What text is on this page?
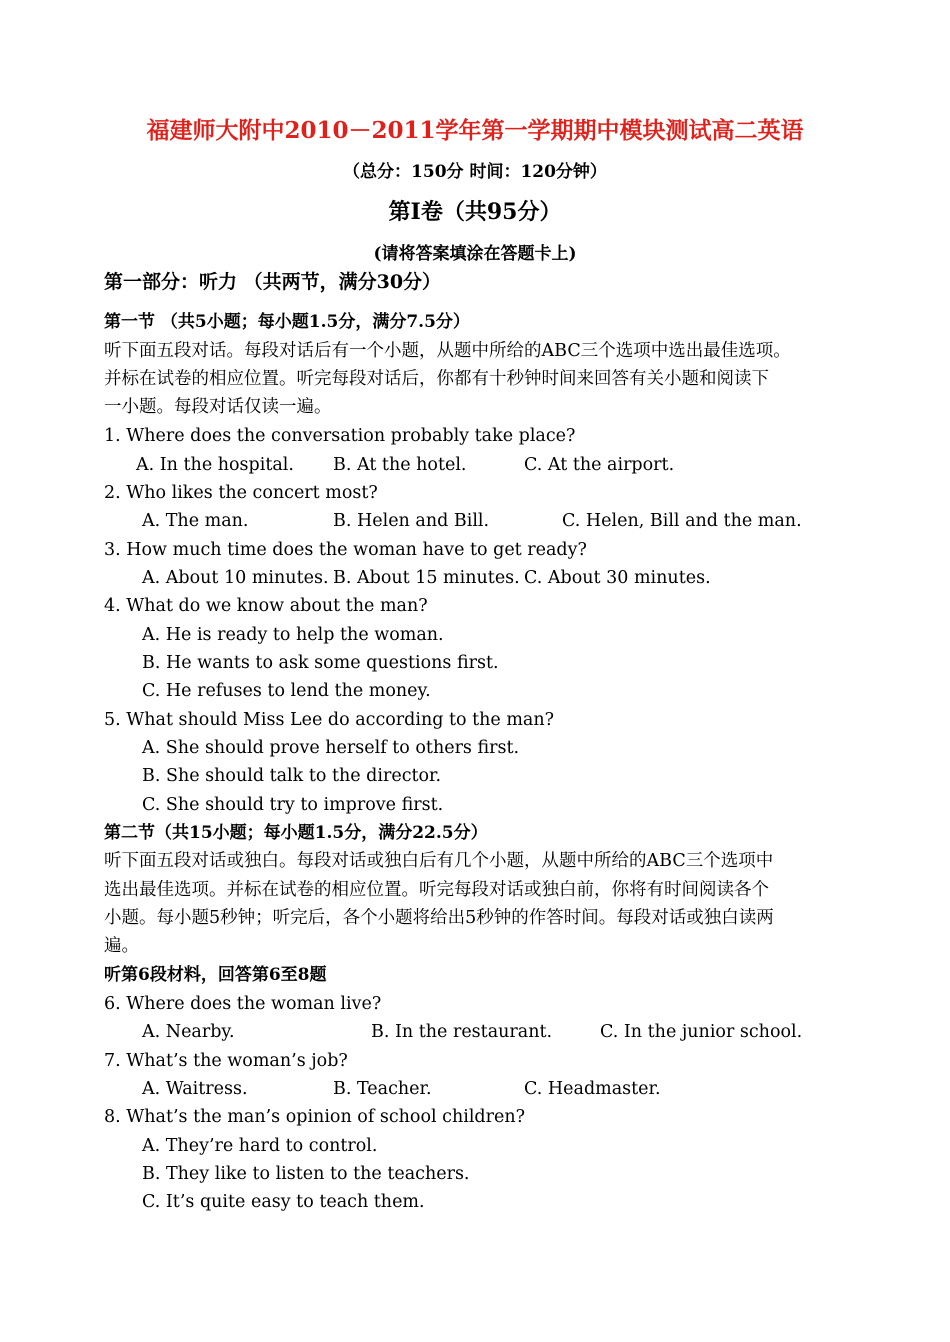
福建师大附中2010－2011学年第一学期期中模块测试高二英语
（总分：150分 时间：120分钟）
第I卷（共95分）
(请将答案填涂在答题卡上)
第一部分：听力 （共两节，满分30分）
第一节 （共5小题；每小题1.5分，满分7.5分）
听下面五段对话。每段对话后有一个小题，从题中所给的ABC三个选项中选出最佳选项。
并标在试卷的相应位置。听完每段对话后，你都有十秒钟时间来回答有关小题和阅读下
一小题。每段对话仅读一遍。
1. Where does the conversation probably take place?
A. In the hospital. B. At the hotel.	C. At the airport.
2. Who likes the concert most?
A. The man.	B. Helen and Bill.	C. Helen, Bill and the man.
3. How much time does the woman have to get ready?
A. About 10 minutes. B. About 15 minutes. C. About 30 minutes.
4. What do we know about the man?
A. He is ready to help the woman.
B. He wants to ask some questions first.
C. He refuses to lend the money.
5. What should Miss Lee do according to the man?
A. She should prove herself to others first.
B. She should talk to the director.
C. She should try to improve first.
第二节（共15小题；每小题1.5分，满分22.5分）
听下面五段对话或独白。每段对话或独白后有几个小题，从题中所给的ABC三个选项中
选出最佳选项。并标在试卷的相应位置。听完每段对话或独白前，你将有时间阅读各个
小题。每小题5秒钟；听完后，各个小题将给出5秒钟的作答时间。每段对话或独白读两
遍。
听第6段材料，回答第6至8题
6. Where does the woman live?
A. Nearby.	B. In the restaurant.	C. In the junior school.
7. What’s the woman’s job?
A. Waitress.	B. Teacher.	C. Headmaster.
8. What’s the man’s opinion of school children?
A. They’re hard to control.
B. They like to listen to the teachers.
C. It’s quite easy to teach them.
